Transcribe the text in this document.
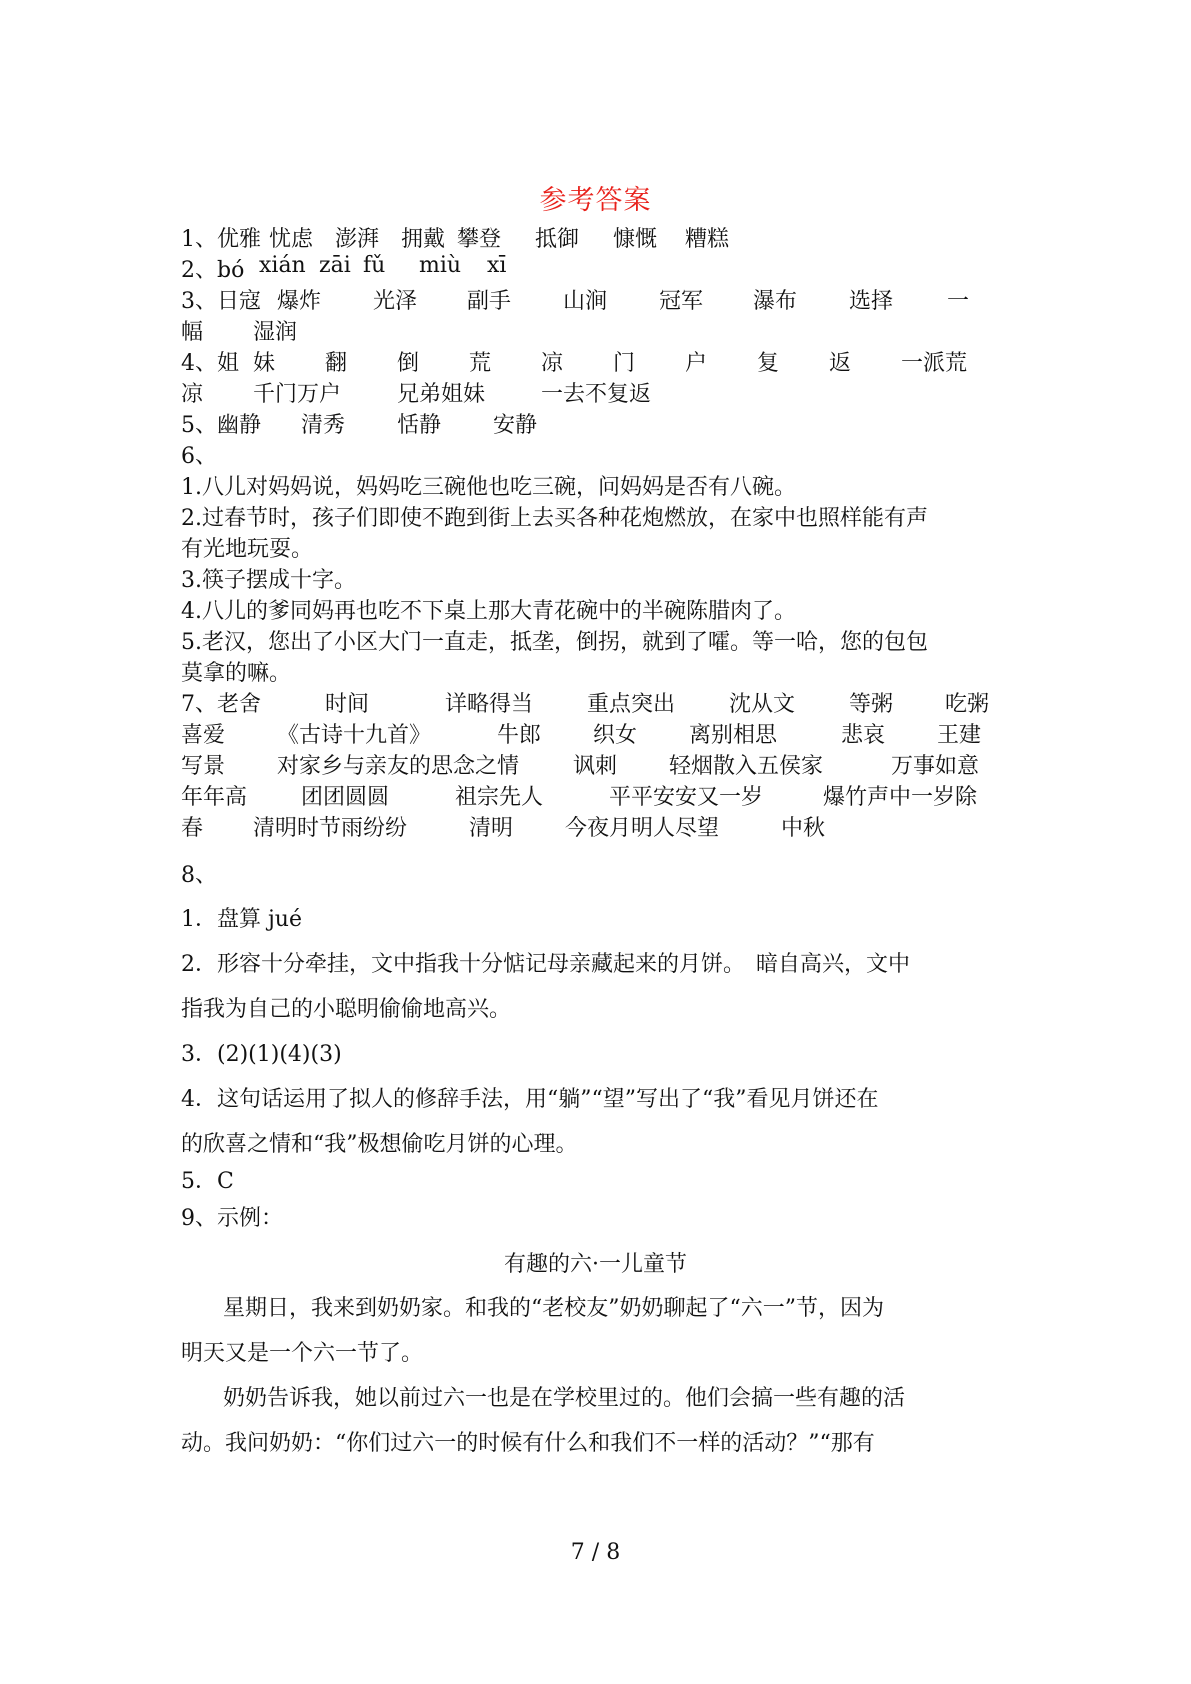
参考答案
1、优雅 忧虑 澎湃 拥戴 攀登	抵御	慷慨	糟糕
2、bó xián zāi fǔ	miù	xī
3、日寇 爆炸	光泽	副手	山涧	冠军	瀑布	选择	一
幅	湿润
4、姐 妹	翻	倒	荒	凉	门	户	复	返	一派荒
凉	千门万户	兄弟姐妹	一去不复返
5、幽静	清秀	恬静	安静
6、
1.八儿对妈妈说，妈妈吃三碗他也吃三碗，问妈妈是否有八碗。
2.过春节时，孩子们即使不跑到街上去买各种花炮燃放，在家中也照样能有声
有光地玩耍。
3.筷子摆成十字。
4.八儿的爹同妈再也吃不下桌上那大青花碗中的半碗陈腊肉了。
5.老汉，您出了小区大门一直走，抵垄，倒拐，就到了嚯。等一哈，您的包包
莫拿的嘛。
7、老舍	时间	详略得当	重点突出	沈从文	等粥	吃粥
喜爱	《古诗十九首》	牛郎	织女	离别相思	悲哀	王建
写景	对家乡与亲友的思念之情	讽刺	轻烟散入五侯家	万事如意
年年高	团团圆圆	祖宗先人	平平安安又一岁	爆竹声中一岁除
春	清明时节雨纷纷	清明	今夜月明人尽望	中秋
8、
1．盘算 jué
2．形容十分牵挂，文中指我十分惦记母亲藏起来的月饼。　暗自高兴，文中
指我为自己的小聪明偷偷地高兴。
3．(2)(1)(4)(3)
4．这句话运用了拟人的修辞手法，用“躺”“望”写出了“我”看见月饼还在
的欣喜之情和“我”极想偷吃月饼的心理。
5．C
9、示例：
有趣的六·一儿童节
星期日，我来到奶奶家。和我的“老校友”奶奶聊起了“六一”节，因为
明天又是一个六一节了。
奶奶告诉我，她以前过六一也是在学校里过的。他们会搞一些有趣的活
动。我问奶奶：“你们过六一的时候有什么和我们不一样的活动？”“那有
7 / 8
